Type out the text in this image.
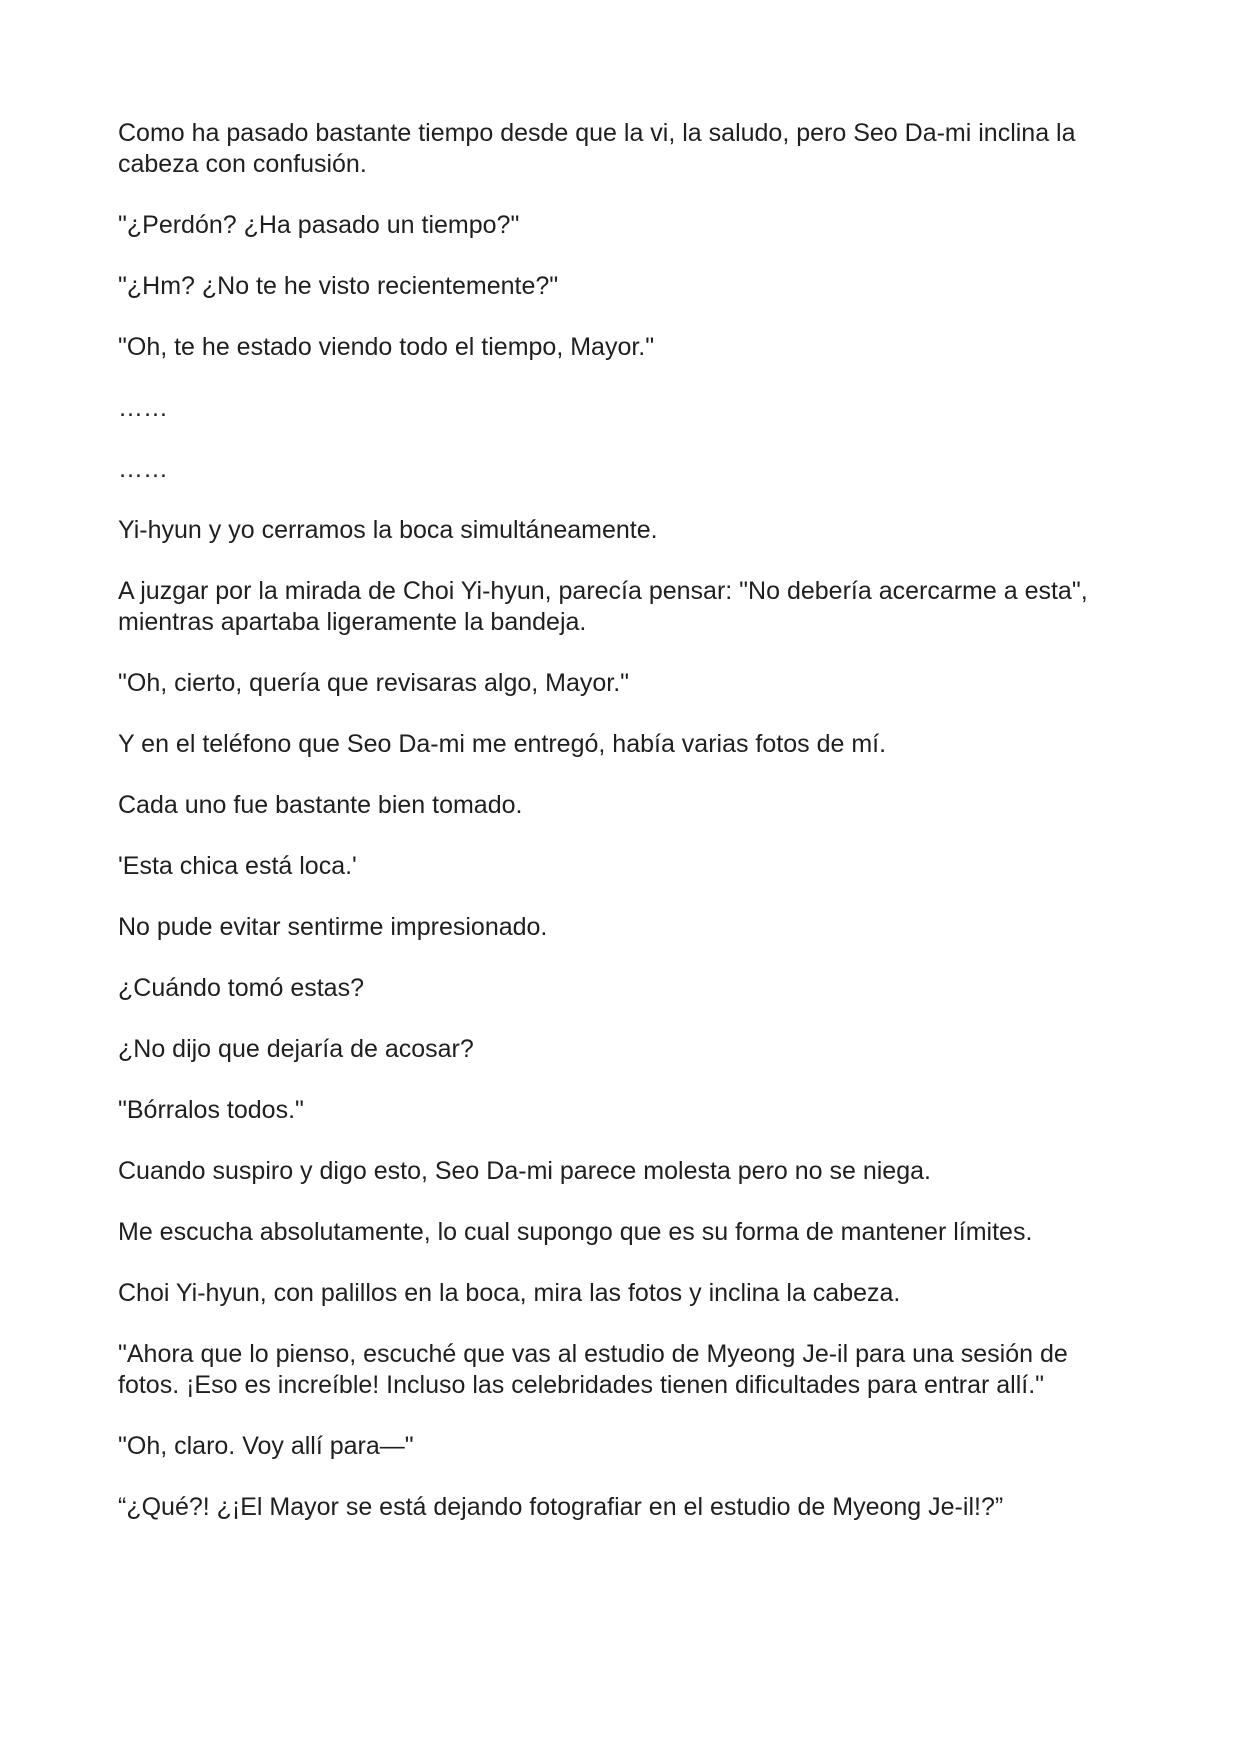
Como ha pasado bastante tiempo desde que la vi, la saludo, pero Seo Da-mi inclina la cabeza con confusión.

"¿Perdón? ¿Ha pasado un tiempo?"

"¿Hm? ¿No te he visto recientemente?"

"Oh, te he estado viendo todo el tiempo, Mayor."

……

……

Yi-hyun y yo cerramos la boca simultáneamente.

A juzgar por la mirada de Choi Yi-hyun, parecía pensar: "No debería acercarme a esta", mientras apartaba ligeramente la bandeja.

"Oh, cierto, quería que revisaras algo, Mayor."

Y en el teléfono que Seo Da-mi me entregó, había varias fotos de mí.

Cada uno fue bastante bien tomado.

'Esta chica está loca.'

No pude evitar sentirme impresionado.

¿Cuándo tomó estas?

¿No dijo que dejaría de acosar?

"Bórralos todos."

Cuando suspiro y digo esto, Seo Da-mi parece molesta pero no se niega.

Me escucha absolutamente, lo cual supongo que es su forma de mantener límites.

Choi Yi-hyun, con palillos en la boca, mira las fotos y inclina la cabeza.

"Ahora que lo pienso, escuché que vas al estudio de Myeong Je-il para una sesión de fotos. ¡Eso es increíble! Incluso las celebridades tienen dificultades para entrar allí."

"Oh, claro. Voy allí para—"

“¿Qué?! ¿¡El Mayor se está dejando fotografiar en el estudio de Myeong Je-il!?”
